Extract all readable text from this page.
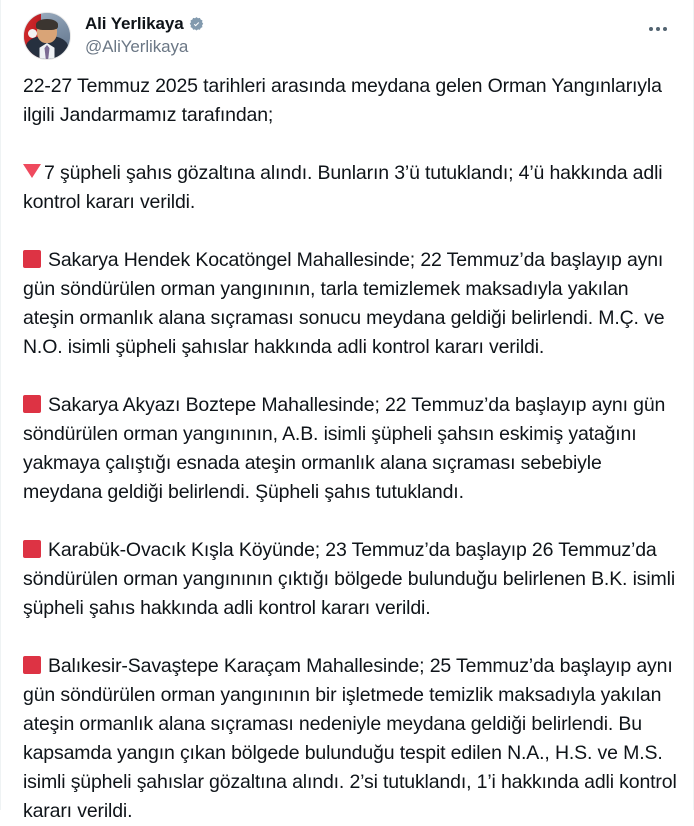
Ali Yerlikaya
@AliYerlikaya

22-27 Temmuz 2025 tarihleri arasında meydana gelen Orman Yangınlarıyla ilgili Jandarmamız tarafından;

7 şüpheli şahıs gözaltına alındı. Bunların 3’ü tutuklandı; 4’ü hakkında adli kontrol kararı verildi.

Sakarya Hendek Kocatöngel Mahallesinde; 22 Temmuz’da başlayıp aynı gün söndürülen orman yangınının, tarla temizlemek maksadıyla yakılan ateşin ormanlık alana sıçraması sonucu meydana geldiği belirlendi. M.Ç. ve N.O. isimli şüpheli şahıslar hakkında adli kontrol kararı verildi.

Sakarya Akyazı Boztepe Mahallesinde; 22 Temmuz’da başlayıp aynı gün söndürülen orman yangınının, A.B. isimli şüpheli şahsın eskimiş yatağını yakmaya çalıştığı esnada ateşin ormanlık alana sıçraması sebebiyle meydana geldiği belirlendi. Şüpheli şahıs tutuklandı.

Karabük-Ovacık Kışla Köyünde; 23 Temmuz’da başlayıp 26 Temmuz’da söndürülen orman yangınının çıktığı bölgede bulunduğu belirlenen B.K. isimli şüpheli şahıs hakkında adli kontrol kararı verildi.

Balıkesir-Savaştepe Karaçam Mahallesinde; 25 Temmuz’da başlayıp aynı gün söndürülen orman yangınının bir işletmede temizlik maksadıyla yakılan ateşin ormanlık alana sıçraması nedeniyle meydana geldiği belirlendi. Bu kapsamda yangın çıkan bölgede bulunduğu tespit edilen N.A., H.S. ve M.S. isimli şüpheli şahıslar gözaltına alındı. 2’si tutuklandı, 1’i hakkında adli kontrol kararı verildi.
